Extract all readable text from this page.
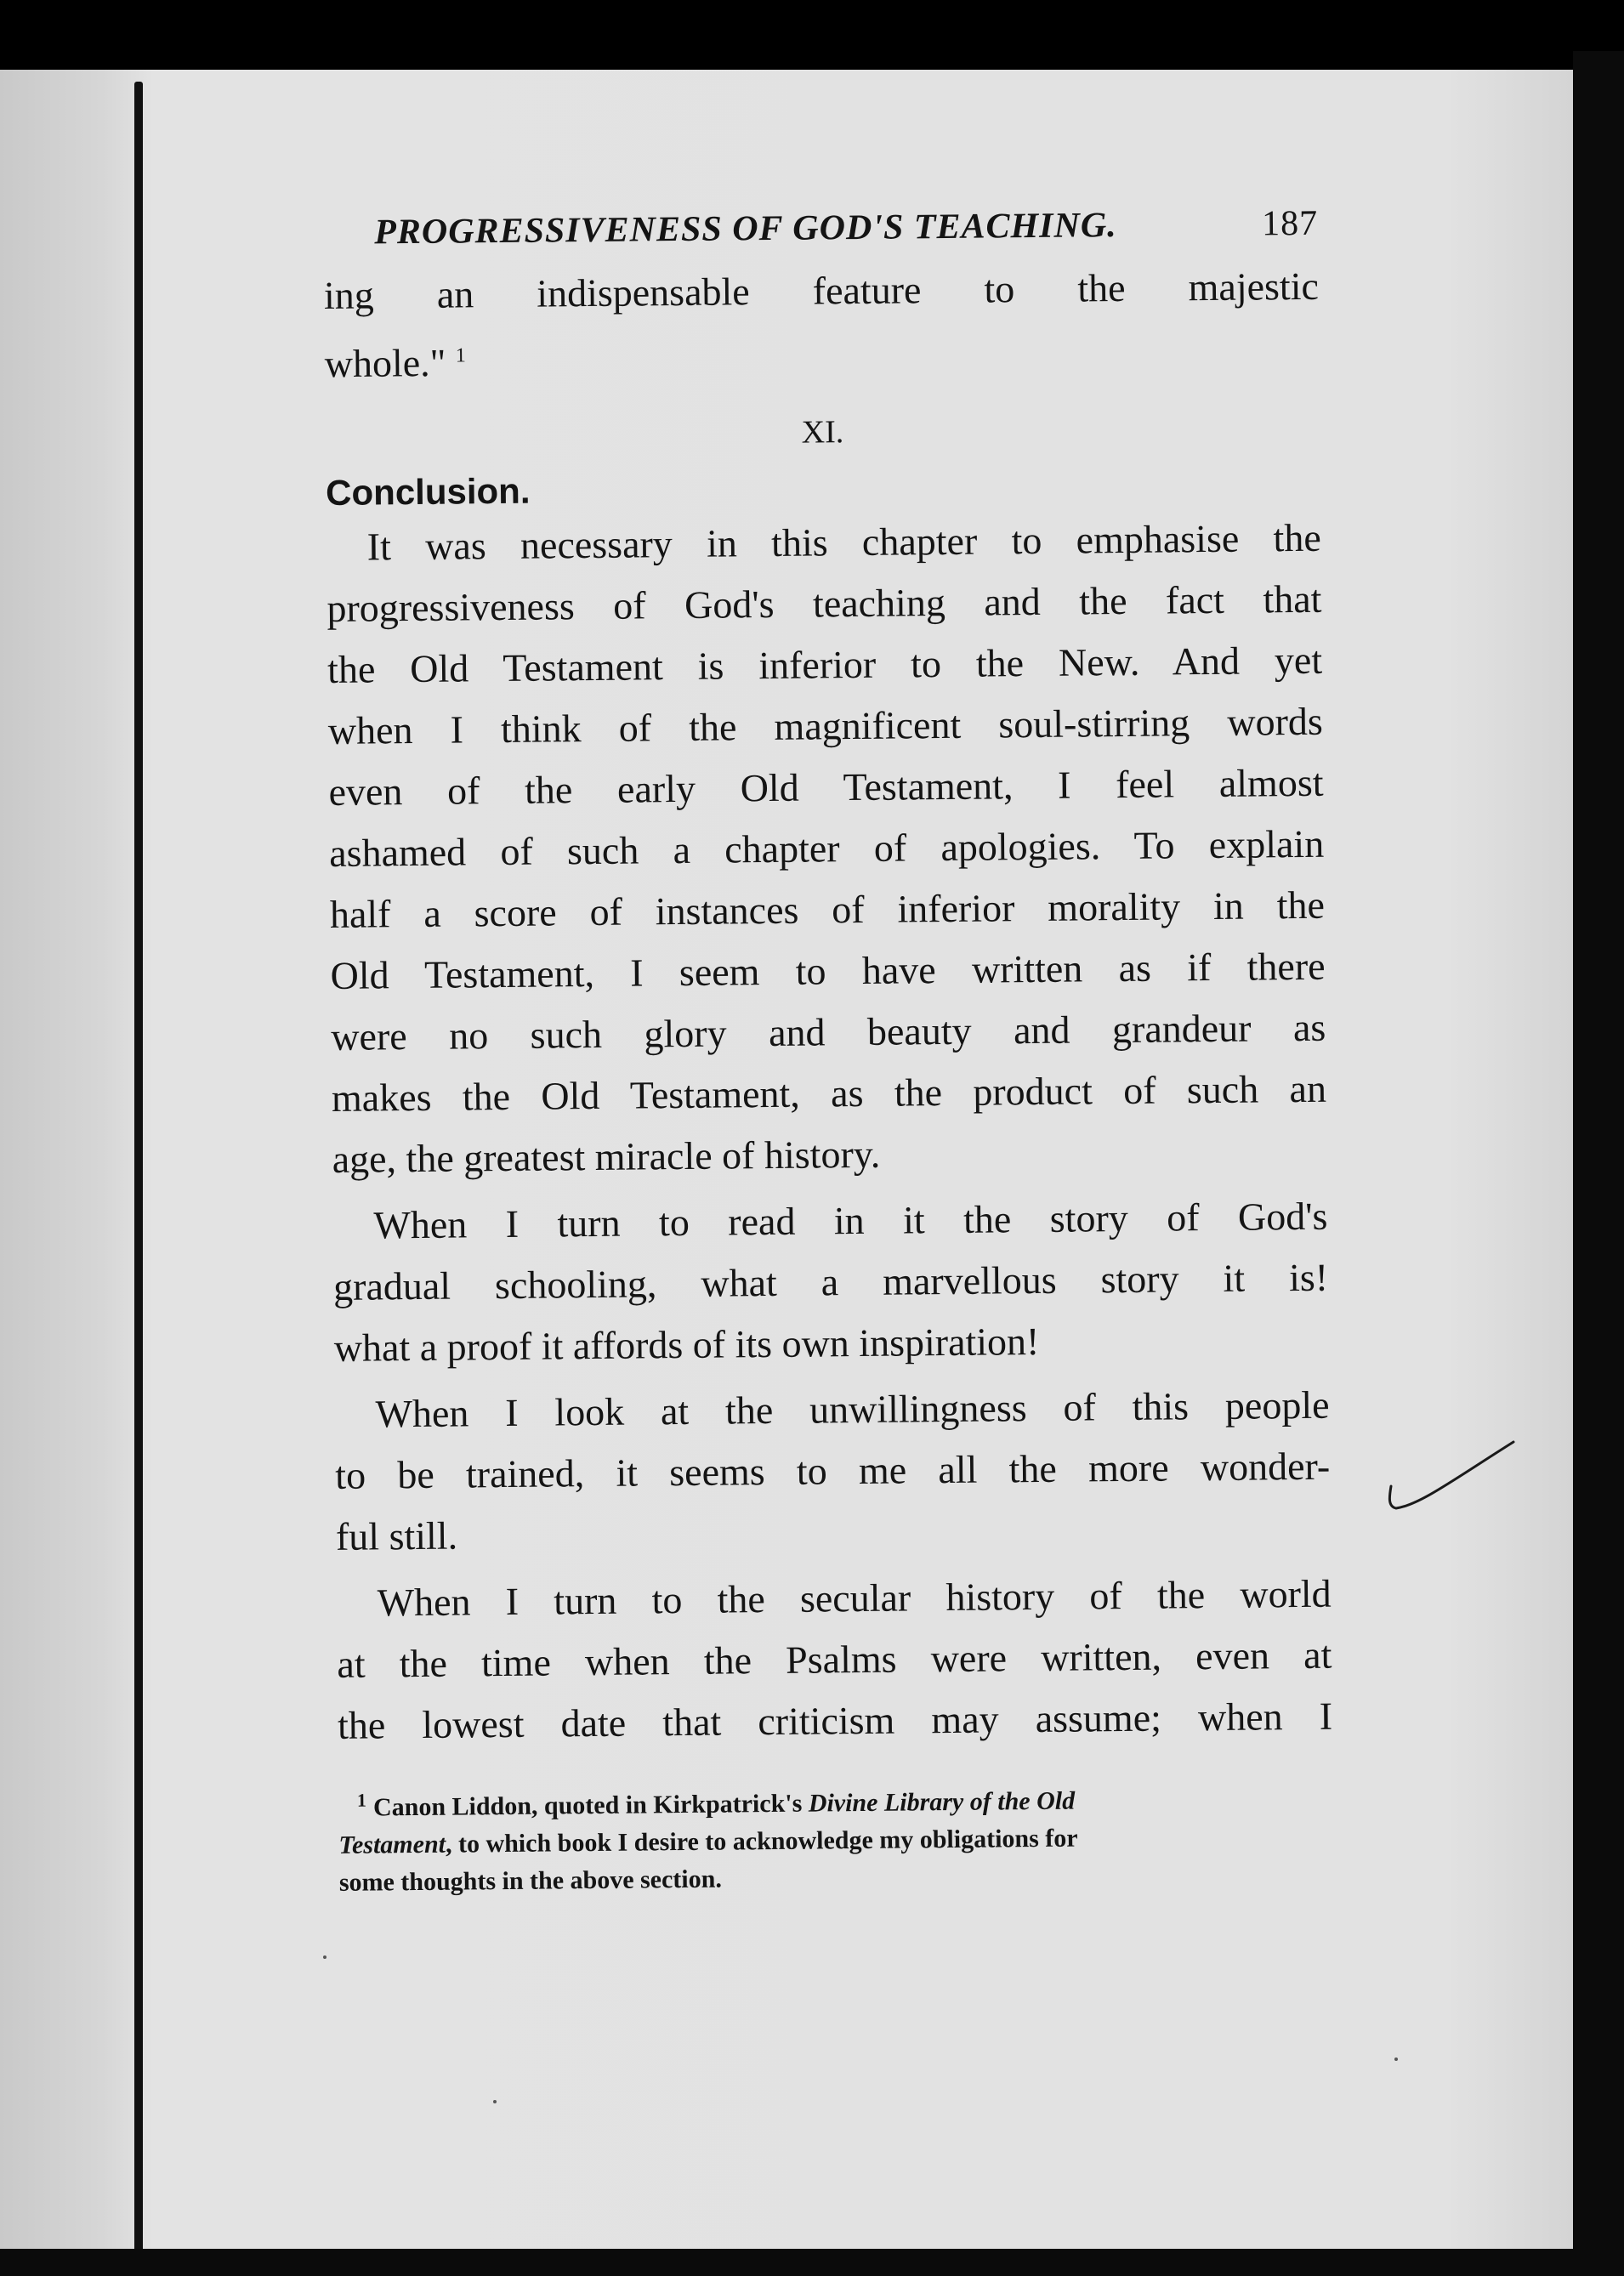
PROGRESSIVENESS OF GOD'S TEACHING.	187
ing an indispensable feature to the majestic
whole." $^1$
XI.
Conclusion.
It was necessary in this chapter to emphasise the
progressiveness of God's teaching and the fact that
the Old Testament is inferior to the New. And yet
when I think of the magnificent soul-stirring words
even of the early Old Testament, I feel almost
ashamed of such a chapter of apologies. To explain
half a score of instances of inferior morality in the
Old Testament, I seem to have written as if there
were no such glory and beauty and grandeur as
makes the Old Testament, as the product of such an
age, the greatest miracle of history.
When I turn to read in it the story of God's
gradual schooling, what a marvellous story it is!
what a proof it affords of its own inspiration!
When I look at the unwillingness of this people
to be trained, it seems to me all the more wonder-
ful still.
When I turn to the secular history of the world
at the time when the Psalms were written, even at
the lowest date that criticism may assume; when I
$^1$ Canon Liddon, quoted in Kirkpatrick's Divine Library of the Old
Testament, to which book I desire to acknowledge my obligations for
some thoughts in the above section.
